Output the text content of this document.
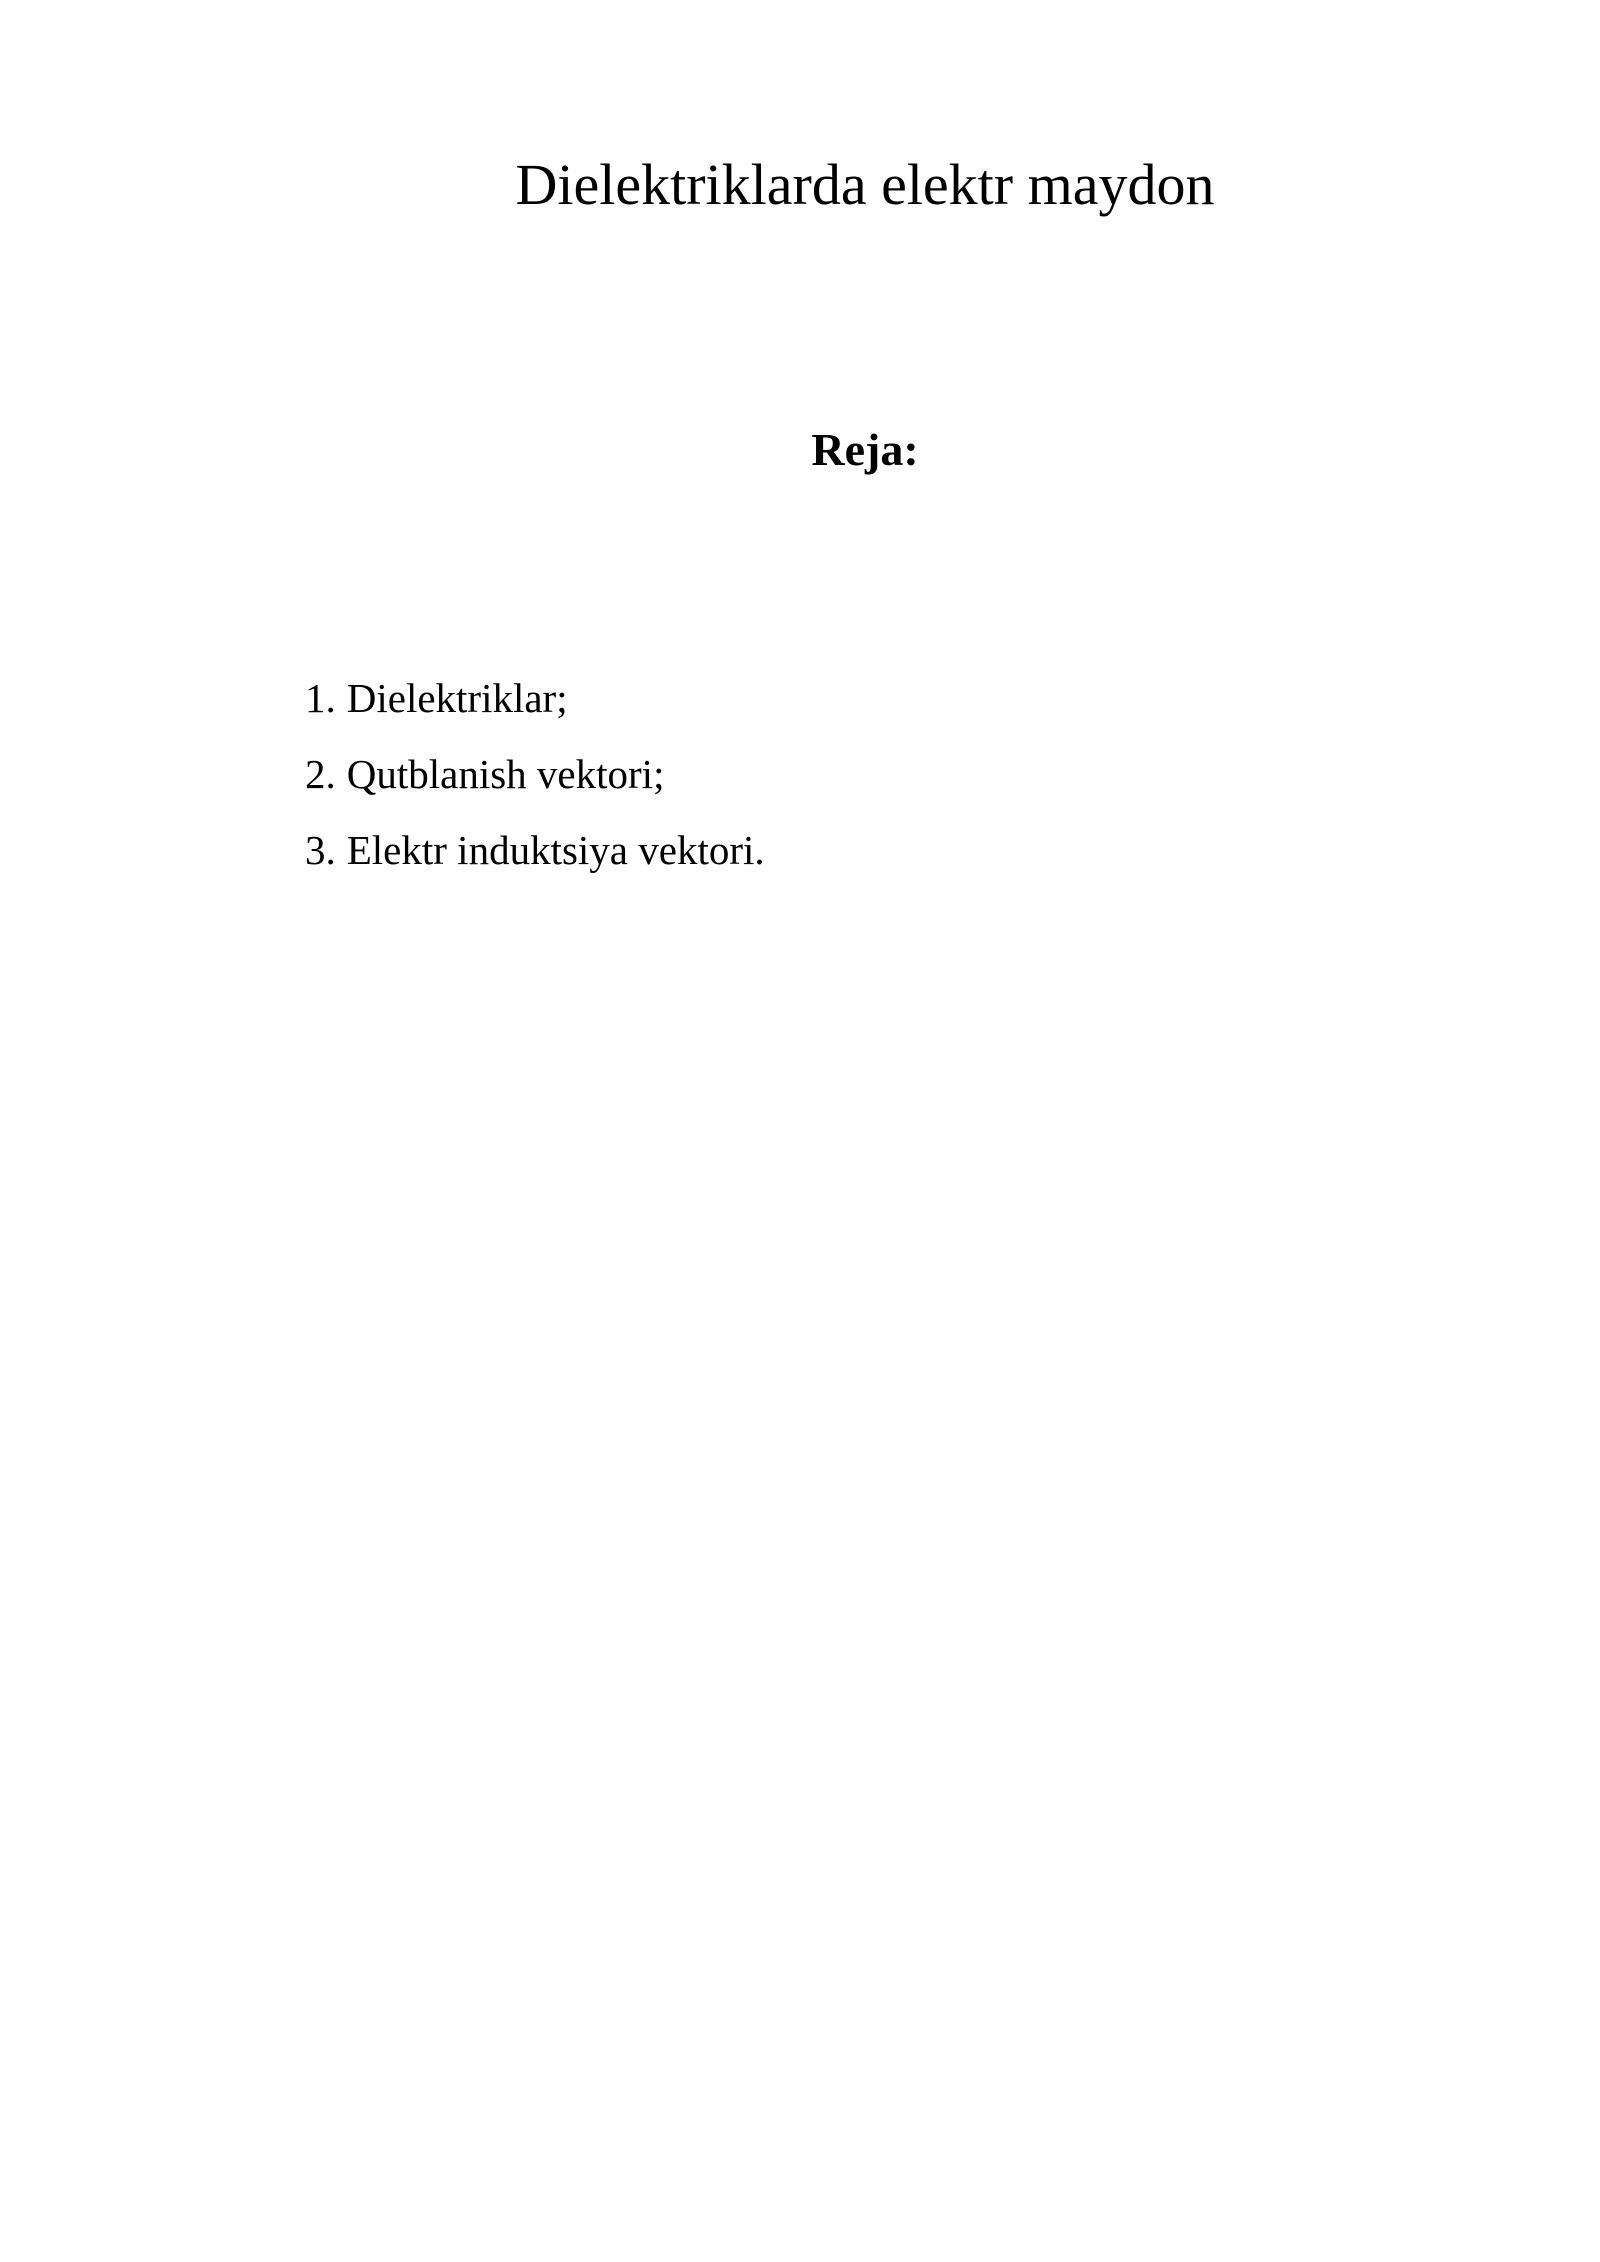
Dielektriklarda elektr maydon
Reja:
1. Dielektriklar;
2. Qutblanish vektori;
3. Elektr induktsiya vektori.
